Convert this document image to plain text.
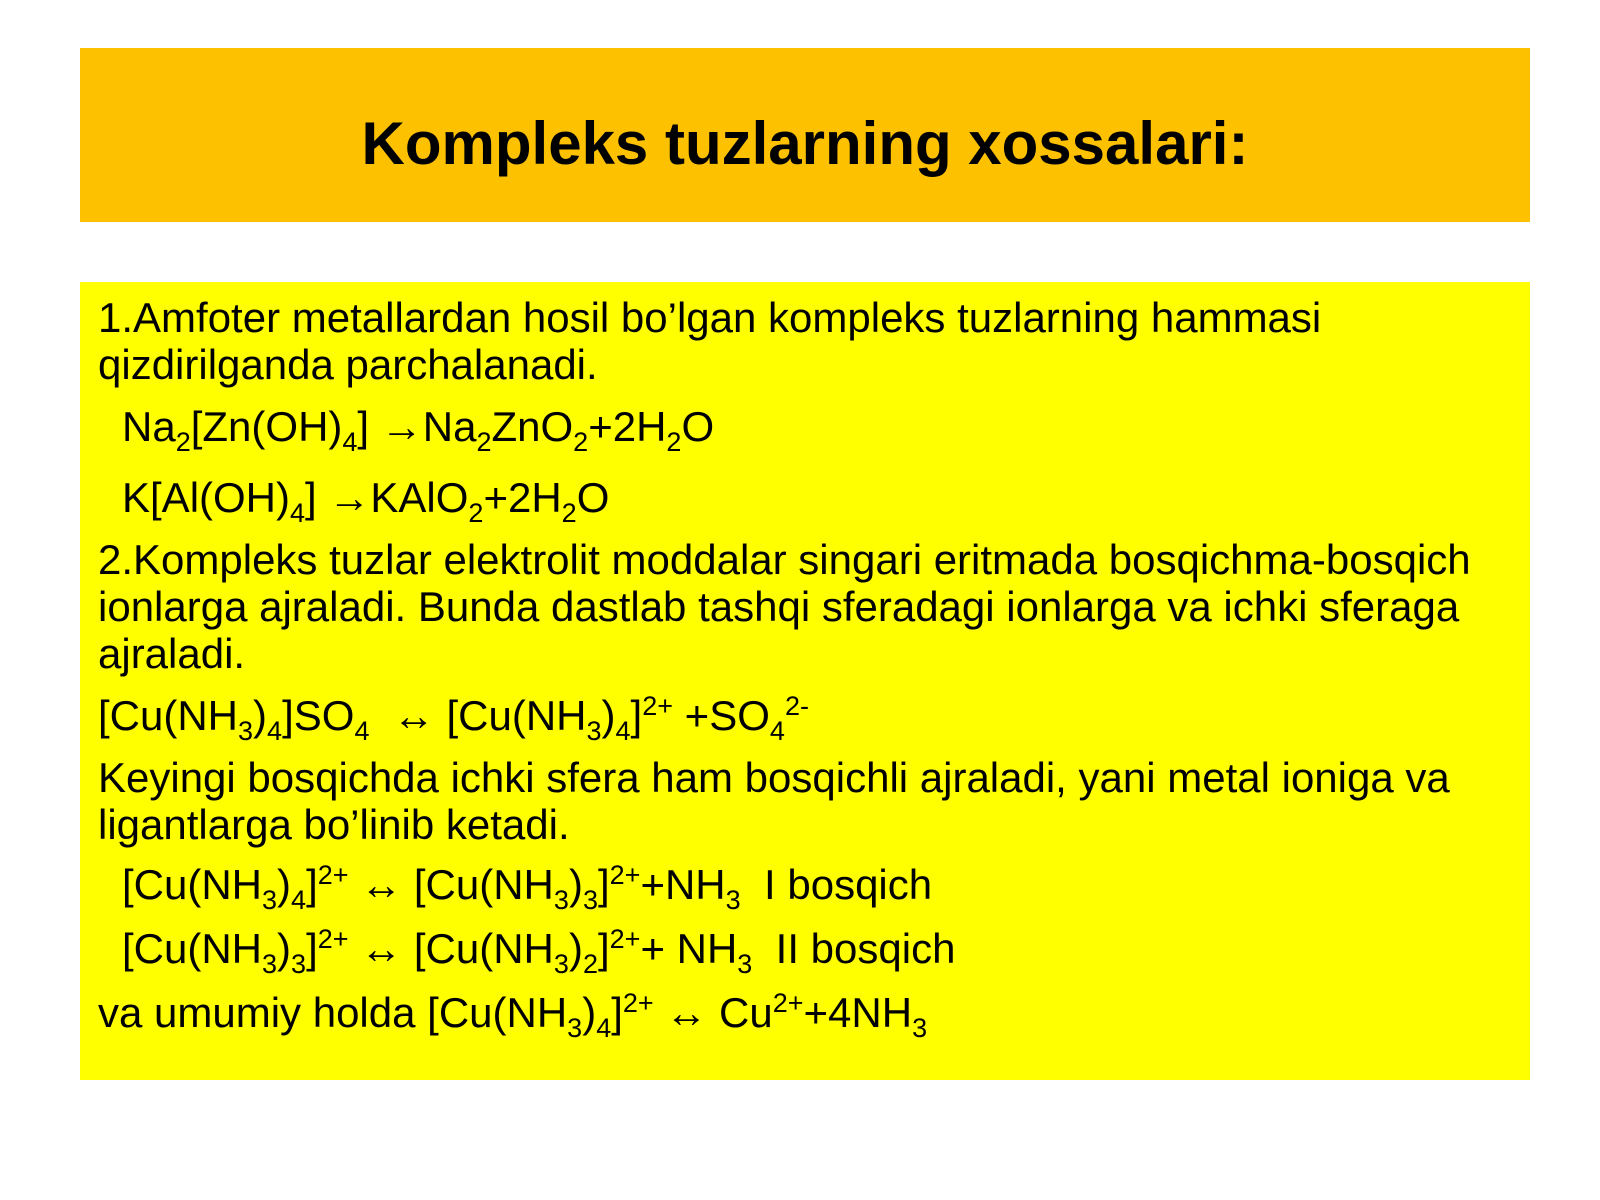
Kompleks tuzlarning xossalari:

1.Amfoter metallardan hosil bo’lgan kompleks tuzlarning hammasi qizdirilganda parchalanadi.

$Na_2[Zn(OH)_4] \to Na_2ZnO_2+2H_2O$
$K[Al(OH)_4]$ $\to KAlO_2+2H_2O$

2.Kompleks tuzlar elektrolit moddalar singari eritmada bosqichma-bosqich ionlarga ajraladi. Bunda dastlab tashqi sferadagi ionlarga va ichki sferaga ajraladi.

$[Cu(NH_3)_4]SO_4$  ↔ $[Cu(NH_3)_4]^{2+} +SO_4^{2-}$

Keyingi bosqichda ichki sfera ham bosqichli ajraladi, yani metal ioniga va ligantlarga bo’linib ketadi.

$[Cu(NH_3)_4]^{2+}$ ↔ $[Cu(NH_3)_3]^{2+}+NH_3$  I bosqich
$[Cu(NH_3)_3]^{2+}$ ↔ $[Cu(NH_3)_2]^{2+}+ NH_3$  II bosqich
va umumiy holda $[Cu(NH_3)_4]^{2+}$ ↔ $Cu^{2+}+4NH_3$
